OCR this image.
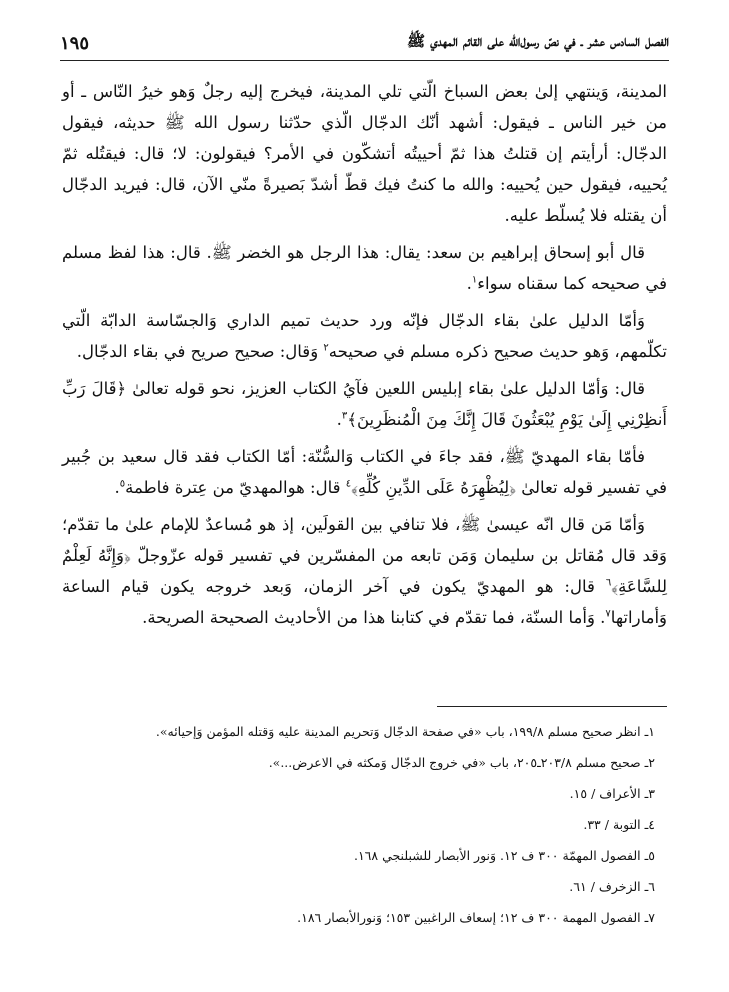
الفصل السادس عشر ـ في نصّ رسول‌الله على القائم المهدي ﷺ
١٩٥

المدينة، وَينتهي إلىٰ بعض السباخ الّتي تلي المدينة، فيخرج إليه رجلٌ وَهو خيرُ النّاس ـ أو من خير الناس ـ فيقول: أشهد أنّك الدجّال الّذي حدّثنا رسول الله ﷺ حديثه، فيقول الدجّال: أرأيتم إن قتلتُ هذا ثمّ أحييتُه أتشكّون في الأمر؟ فيقولون: لا؛ قال: فيقتُله ثمّ يُحييه، فيقول حين يُحييه: والله ما كنتُ فيك قطّ أشدّ بَصيرةً منّي الآن، قال: فيريد الدجّال أن يقتله فلا يُسلّط عليه.

قال أبو إسحاق إبراهيم بن سعد: يقال: هذا الرجل هو الخضر ﷺ. قال: هذا لفظ مسلم في صحيحه كما سقناه سواء$^١$.

وَأمّا الدليل علىٰ بقاء الدجّال فإنّه ورد حديث تميم الداري وَالجسّاسة الدابّة الّتي تكلّمهم، وَهو حديث صحيح ذكره مسلم في صحيحه$^٢$ وَقال: صحيح صريح في بقاء الدجّال.

قال: وَأمّا الدليل علىٰ بقاء إبليس اللعين فآيُ الكتاب العزيز، نحو قوله تعالىٰ ﴿قَالَ رَبِّ أَنظِرْنِي إِلَىٰ يَوْمِ يُبْعَثُونَ قَالَ إِنَّكَ مِنَ الْمُنظَرِينَ﴾$^٣$.

فأمّا بقاء المهديّ ﷺ، فقد جاءَ في الكتاب وَالسُّنّة: أمّا الكتاب فقد قال سعيد بن جُبير في تفسير قوله تعالىٰ ﴿لِيُظْهِرَهُ عَلَى الدِّينِ كُلِّهِ﴾$^٤$ قال: هوالمهديّ من عِترة فاطمة$^٥$.

وَأمّا مَن قال انّه عيسىٰ ﷺ، فلا تنافي بين القولَين، إذ هو مُساعدٌ للإمام علىٰ ما تقدّم؛ وَقد قال مُقاتل بن سليمان وَمَن تابعه من المفسّرين في تفسير قوله عزّوجلّ ﴿وَإِنَّهُ لَعِلْمٌ لِلسَّاعَةِ﴾$^٦$ قال: هو المهديّ يكون في آخر الزمان، وَبعد خروجه يكون قيام الساعة وَأماراتها$^٧$. وَأما السنّة، فما تقدّم في كتابنا هذا من الأحاديث الصحيحة الصريحة.

١ـ انظر صحيح مسلم ١٩٩/٨، باب «في صفحة الدجّال وَتحريم المدينة عليه وَقتله المؤمن وَإحيائه».
٢ـ صحيح مسلم ٢٠٣/٨ـ٢٠٥، باب «في خروج الدجّال وَمكثه في الاعرض...».
٣ـ الأعراف / ١٥.
٤ـ التوبة / ٣٣.
٥ـ الفصول المهمّة ٣٠٠ ف ١٢. وَنور الأبصار للشبلنجي ١٦٨.
٦ـ الزخرف / ٦١.
٧ـ الفصول المهمة ٣٠٠ ف ١٢؛ إسعاف الراغبين ١٥٣؛ وَنورالأبصار ١٨٦.
